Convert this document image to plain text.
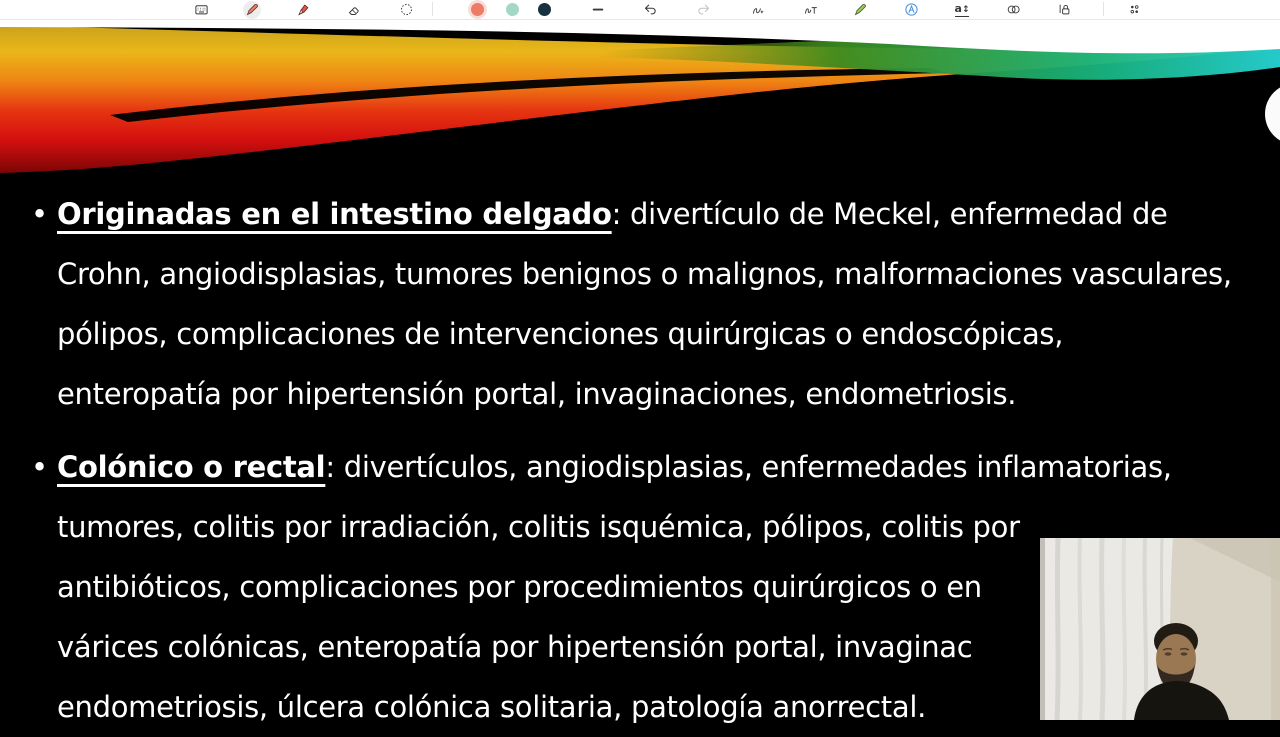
a↕
• Originadas en el intestino delgado: divertículo de Meckel, enfermedad de
Crohn, angiodisplasias, tumores benignos o malignos, malformaciones vasculares,
pólipos, complicaciones de intervenciones quirúrgicas o endoscópicas,
enteropatía por hipertensión portal, invaginaciones, endometriosis.
• Colónico o rectal: divertículos, angiodisplasias, enfermedades inflamatorias,
tumores, colitis por irradiación, colitis isquémica, pólipos, colitis por
antibióticos, complicaciones por procedimientos quirúrgicos o en
várices colónicas, enteropatía por hipertensión portal, invaginac
endometriosis, úlcera colónica solitaria, patología anorrectal.
